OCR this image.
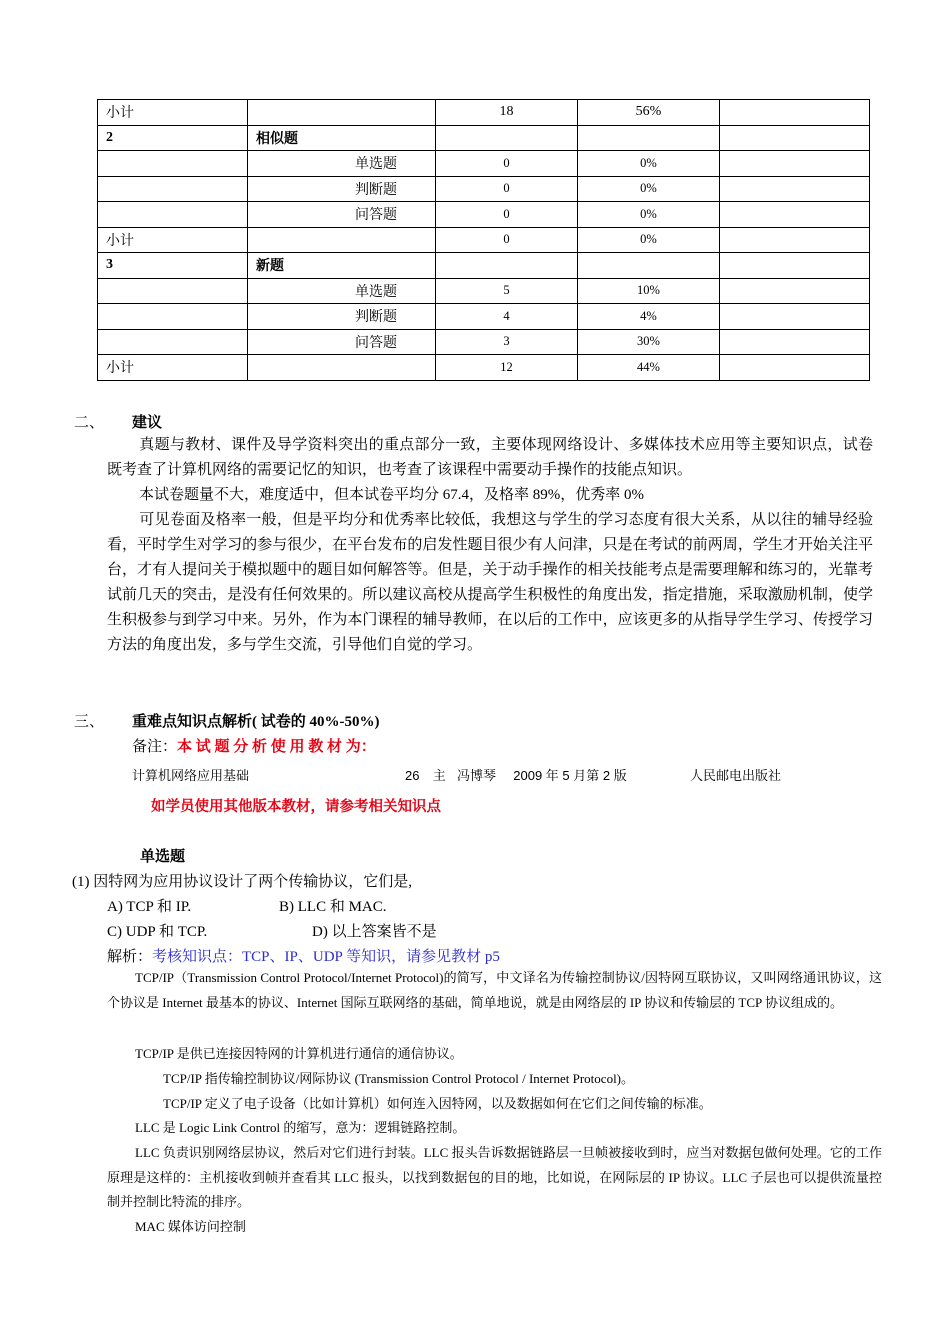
小计		18	56%	
2	相似题			
	单选题	0	0%	
	判断题	0	0%	
	问答题	0	0%	
小计		0	0%	
3	新题			
	单选题	5	10%	
	判断题	4	4%	
	问答题	3	30%	
小计		12	44%	
二、 建议
真题与教材、课件及导学资料突出的重点部分一致，主要体现网络设计、多媒体技术应用等主要知识点，试卷既考查了计算机网络的需要记忆的知识，也考查了该课程中需要动手操作的技能点知识。
本试卷题量不大，难度适中，但本试卷平均分 67.4，及格率 89%，优秀率 0%
可见卷面及格率一般，但是平均分和优秀率比较低，我想这与学生的学习态度有很大关系，从以往的辅导经验看，平时学生对学习的参与很少，在平台发布的启发性题目很少有人问津，只是在考试的前两周，学生才开始关注平台，才有人提问关于模拟题中的题目如何解答等。但是，关于动手操作的相关技能考点是需要理解和练习的，光靠考试前几天的突击，是没有任何效果的。所以建议高校从提高学生积极性的角度出发，指定措施，采取激励机制，使学生积极参与到学习中来。另外，作为本门课程的辅导教师，在以后的工作中，应该更多的从指导学生学习、传授学习方法的角度出发，多与学生交流，引导他们自觉的学习。
三、 重难点知识点解析( 试卷的 40%-50%)
备注：本 试 题 分 析 使 用 教 材 为：
计算机网络应用基础	26 主 冯博琴 2009 年 5 月第 2 版	人民邮电出版社
如学员使用其他版本教材，请参考相关知识点
单选题
(1) 因特网为应用协议设计了两个传输协议，它们是,
A) TCP 和 IP.	B) LLC 和 MAC.
C) UDP 和 TCP.	D) 以上答案皆不是
解析：考核知识点：TCP、IP、UDP 等知识，请参见教材 p5
TCP/IP（Transmission Control Protocol/Internet Protocol)的简写，中文译名为传输控制协议/因特网互联协议，又叫网络通讯协议，这个协议是 Internet 最基本的协议、Internet 国际互联网络的基础，简单地说，就是由网络层的 IP 协议和传输层的 TCP 协议组成的。
TCP/IP 是供已连接因特网的计算机进行通信的通信协议。
TCP/IP 指传输控制协议/网际协议 (Transmission Control Protocol / Internet Protocol)。
TCP/IP 定义了电子设备（比如计算机）如何连入因特网，以及数据如何在它们之间传输的标准。
LLC 是 Logic Link Control 的缩写，意为：逻辑链路控制。
LLC 负责识别网络层协议，然后对它们进行封装。LLC 报头告诉数据链路层一旦帧被接收到时，应当对数据包做何处理。它的工作原理是这样的：主机接收到帧并查看其 LLC 报头，以找到数据包的目的地，比如说，在网际层的 IP 协议。LLC 子层也可以提供流量控制并控制比特流的排序。
MAC 媒体访问控制
